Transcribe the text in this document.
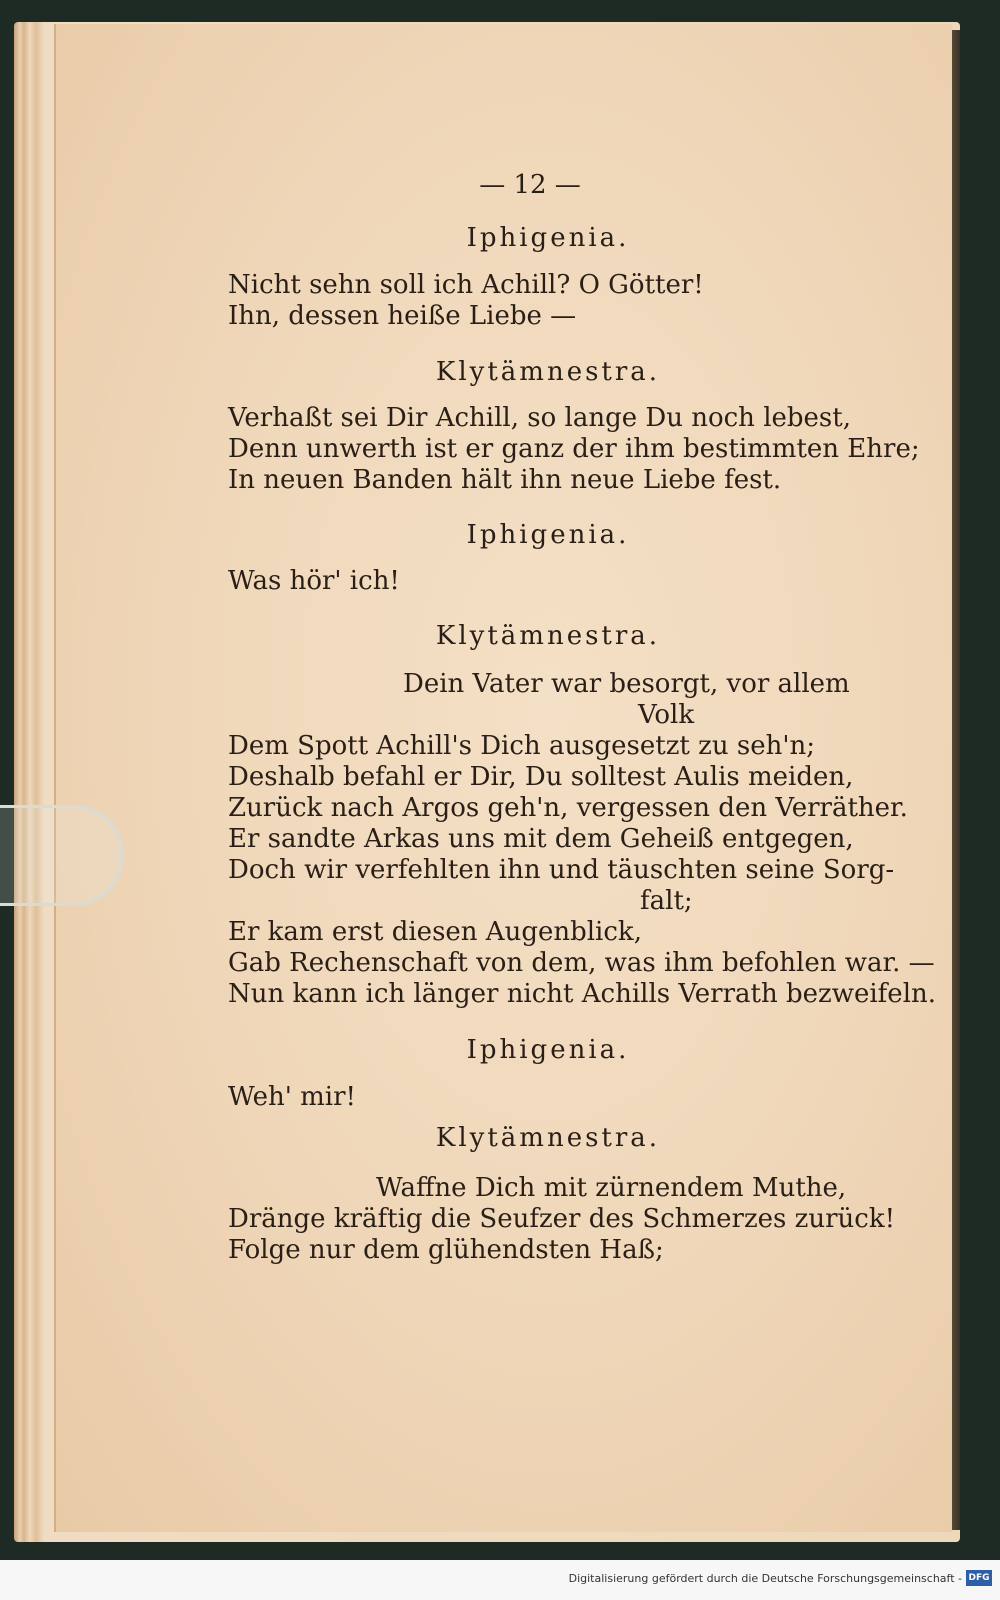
— 12 —
Iphigenia.
Nicht sehn soll ich Achill? O Götter!
Ihn, dessen heiße Liebe —
Klytämnestra.
Verhaßt sei Dir Achill, so lange Du noch lebest,
Denn unwerth ist er ganz der ihm bestimmten Ehre;
In neuen Banden hält ihn neue Liebe fest.
Iphigenia.
Was hör' ich!
Klytämnestra.
Dein Vater war besorgt, vor allem
Volk
Dem Spott Achill's Dich ausgesetzt zu seh'n;
Deshalb befahl er Dir, Du solltest Aulis meiden,
Zurück nach Argos geh'n, vergessen den Verräther.
Er sandte Arkas uns mit dem Geheiß entgegen,
Doch wir verfehlten ihn und täuschten seine Sorg-
falt;
Er kam erst diesen Augenblick,
Gab Rechenschaft von dem, was ihm befohlen war. —
Nun kann ich länger nicht Achills Verrath bezweifeln.
Iphigenia.
Weh' mir!
Klytämnestra.
Waffne Dich mit zürnendem Muthe,
Dränge kräftig die Seufzer des Schmerzes zurück!
Folge nur dem glühendsten Haß;
Digitalisierung gefördert durch die Deutsche Forschungsgemeinschaft - DFG
